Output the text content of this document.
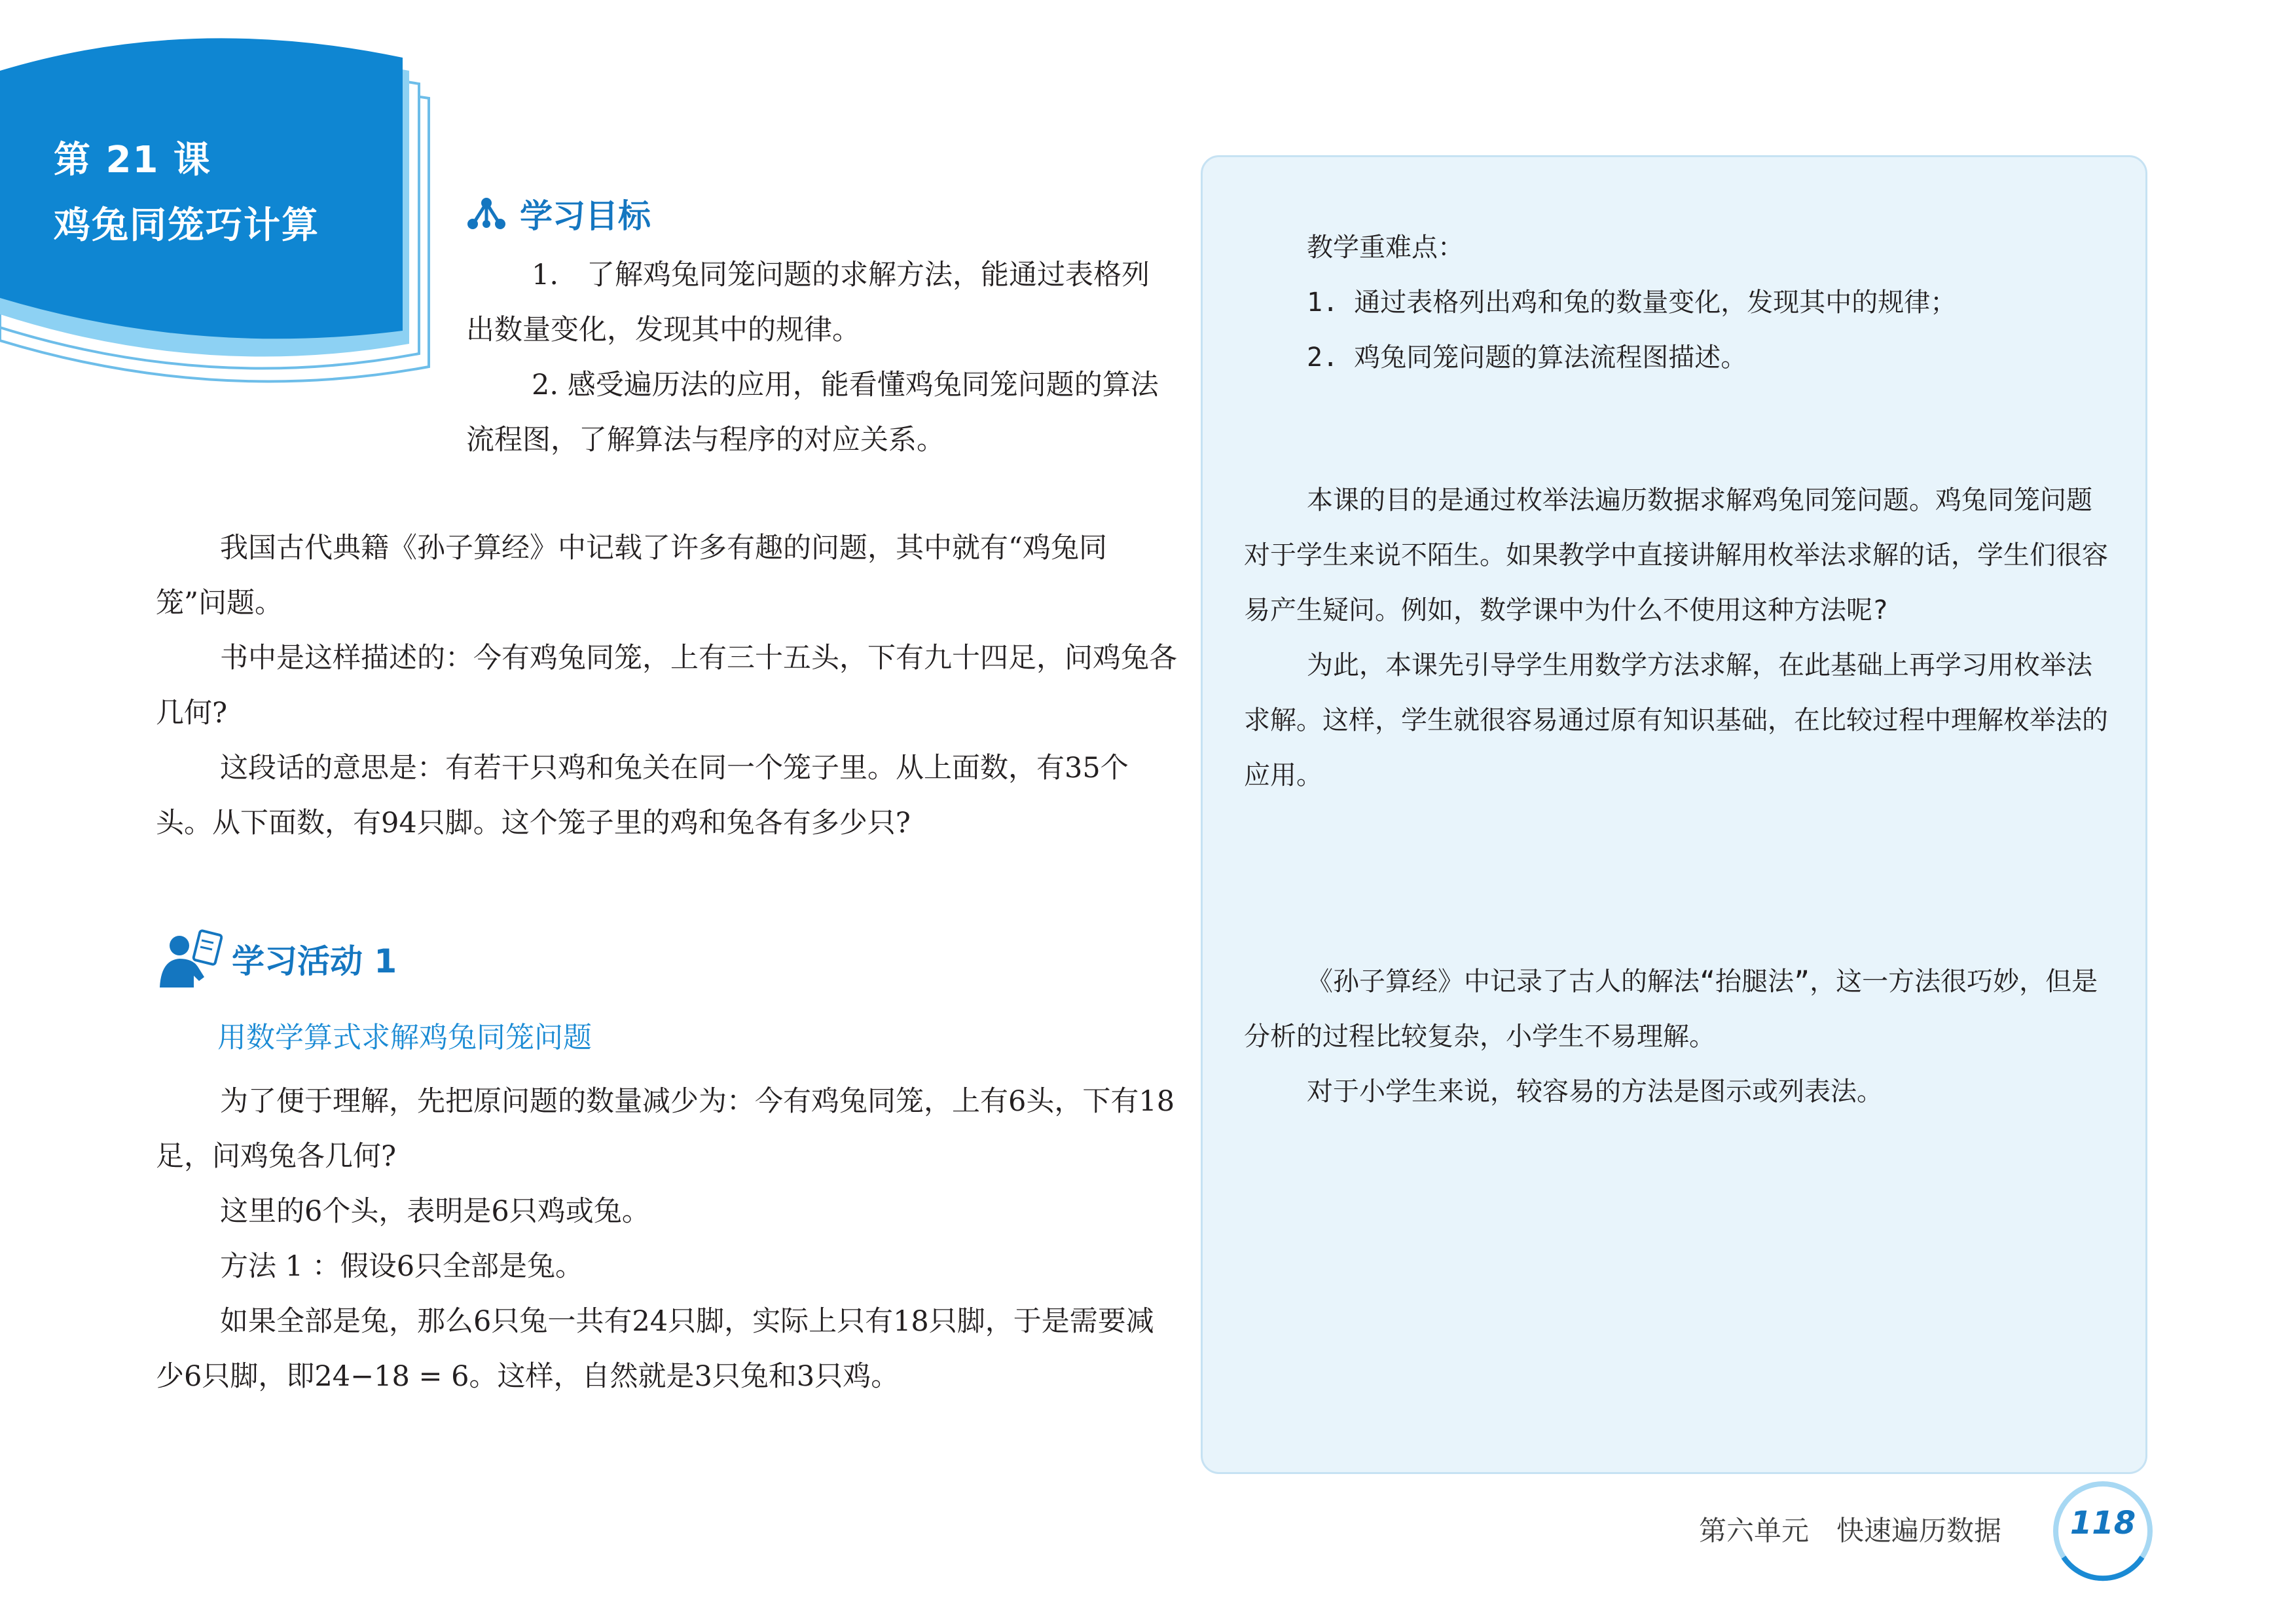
第 21 课
鸡兔同笼巧计算	学习目标

1.　了解鸡兔同笼问题的求解方法，能通过表格列出数量变化，发现其中的规律。

2. 感受遍历法的应用，能看懂鸡兔同笼问题的算法流程图，了解算法与程序的对应关系。

我国古代典籍《孙子算经》中记载了许多有趣的问题，其中就有“鸡兔同笼”问题。

书中是这样描述的：今有鸡兔同笼，上有三十五头，下有九十四足，问鸡兔各几何?

这段话的意思是：有若干只鸡和兔关在同一个笼子里。从上面数，有35个头。从下面数，有94只脚。这个笼子里的鸡和兔各有多少只?

学习活动 1
用数学算式求解鸡兔同笼问题

为了便于理解，先把原问题的数量减少为：今有鸡兔同笼，上有6头，下有18足，问鸡兔各几何?

这里的6个头，表明是6只鸡或兔。

方法 1 ：假设6只全部是兔。

如果全部是兔，那么6只兔一共有24只脚，实际上只有18只脚，于是需要减少6只脚，即24−18 = 6。这样，自然就是3只兔和3只鸡。

教学重难点：

1. 通过表格列出鸡和兔的数量变化，发现其中的规律；

2. 鸡兔同笼问题的算法流程图描述。

本课的目的是通过枚举法遍历数据求解鸡兔同笼问题。鸡兔同笼问题对于学生来说不陌生。如果教学中直接讲解用枚举法求解的话，学生们很容易产生疑问。例如，数学课中为什么不使用这种方法呢?

为此，本课先引导学生用数学方法求解，在此基础上再学习用枚举法求解。这样，学生就很容易通过原有知识基础，在比较过程中理解枚举法的应用。

《孙子算经》中记录了古人的解法“抬腿法”，这一方法很巧妙，但是分析的过程比较复杂，小学生不易理解。

对于小学生来说，较容易的方法是图示或列表法。

第六单元　快速遍历数据	118
